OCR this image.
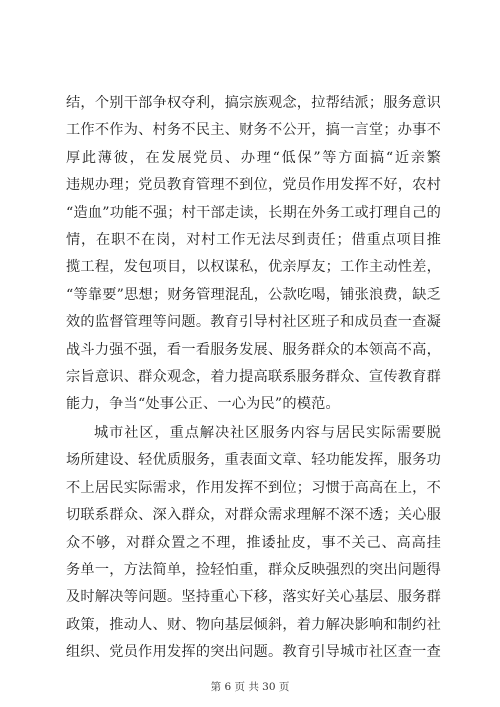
结，个别干部争权夺利，搞宗族观念，拉帮结派；服务意识
工作不作为、村务不民主、财务不公开，搞一言堂；办事不
厚此薄彼，在发展党员、办理“低保”等方面搞“近亲繁
违规办理；党员教育管理不到位，党员作用发挥不好，农村
“造血”功能不强；村干部走读，长期在外务工或打理自己的
情，在职不在岗，对村工作无法尽到责任；借重点项目推
揽工程，发包项目，以权谋私，优亲厚友；工作主动性差，
“等靠要”思想；财务管理混乱，公款吃喝，铺张浪费，缺乏
效的监督管理等问题。教育引导村社区班子和成员查一查凝
战斗力强不强，看一看服务发展、服务群众的本领高不高，
宗旨意识、群众观念，着力提高联系服务群众、宣传教育群
能力，争当“处事公正、一心为民”的模范。
城市社区，重点解决社区服务内容与居民实际需要脱
场所建设、轻优质服务，重表面文章、轻功能发挥，服务功
不上居民实际需求，作用发挥不到位；习惯于高高在上，不
切联系群众、深入群众，对群众需求理解不深不透；关心服
众不够，对群众置之不理，推诿扯皮，事不关己、高高挂
务单一，方法简单，捡轻怕重，群众反映强烈的突出问题得
及时解决等问题。坚持重心下移，落实好关心基层、服务群
政策，推动人、财、物向基层倾斜，着力解决影响和制约社
组织、党员作用发挥的突出问题。教育引导城市社区查一查
第 6 页 共 30 页
